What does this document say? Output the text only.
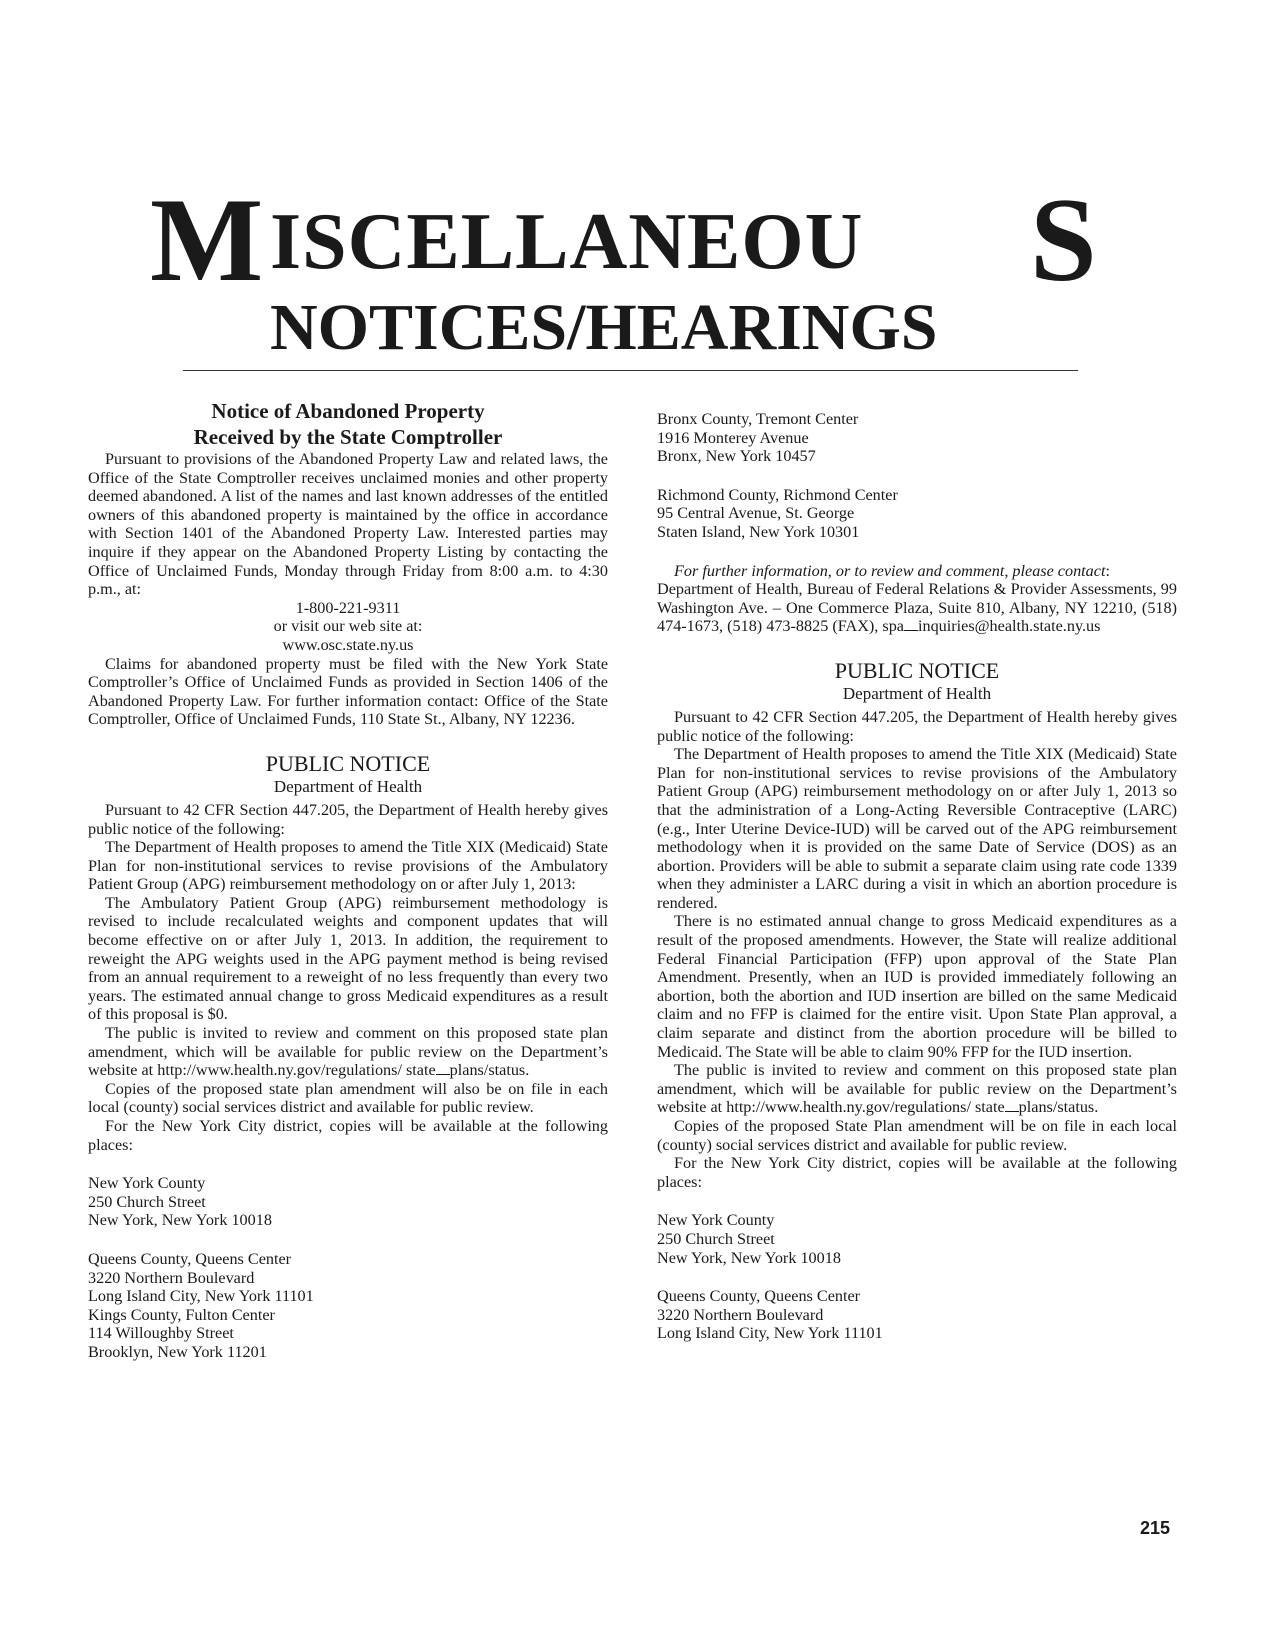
M ISCELLANEOU S
NOTICES/HEARINGS
Notice of Abandoned Property
Received by the State Comptroller

Pursuant to provisions of the Abandoned Property Law and related laws, the Office of the State Comptroller receives unclaimed monies and other property deemed abandoned. A list of the names and last known addresses of the entitled owners of this abandoned property is maintained by the office in accordance with Section 1401 of the Abandoned Property Law. Interested parties may inquire if they appear on the Abandoned Property Listing by contacting the Office of Unclaimed Funds, Monday through Friday from 8:00 a.m. to 4:30 p.m., at:

1-800-221-9311
or visit our web site at:
www.osc.state.ny.us

Claims for abandoned property must be filed with the New York State Comptroller’s Office of Unclaimed Funds as provided in Section 1406 of the Abandoned Property Law. For further information contact: Office of the State Comptroller, Office of Unclaimed Funds, 110 State St., Albany, NY 12236.

PUBLIC NOTICE
Department of Health

Pursuant to 42 CFR Section 447.205, the Department of Health hereby gives public notice of the following:

The Department of Health proposes to amend the Title XIX (Medicaid) State Plan for non-institutional services to revise provisions of the Ambulatory Patient Group (APG) reimbursement methodology on or after July 1, 2013:

The Ambulatory Patient Group (APG) reimbursement methodology is revised to include recalculated weights and component updates that will become effective on or after July 1, 2013. In addition, the requirement to reweight the APG weights used in the APG payment method is being revised from an annual requirement to a reweight of no less frequently than every two years. The estimated annual change to gross Medicaid expenditures as a result of this proposal is $0.

The public is invited to review and comment on this proposed state plan amendment, which will be available for public review on the Department’s website at http://www.health.ny.gov/regulations/ state plans/status.

Copies of the proposed state plan amendment will also be on file in each local (county) social services district and available for public review.

For the New York City district, copies will be available at the following places:

New York County
250 Church Street
New York, New York 10018
Queens County, Queens Center
3220 Northern Boulevard
Long Island City, New York 11101
Kings County, Fulton Center
114 Willoughby Street
Brooklyn, New York 11201
Bronx County, Tremont Center
1916 Monterey Avenue
Bronx, New York 10457
Richmond County, Richmond Center
95 Central Avenue, St. George
Staten Island, New York 10301

For further information, or to review and comment, please contact:
Department of Health, Bureau of Federal Relations & Provider Assessments, 99 Washington Ave. – One Commerce Plaza, Suite 810, Albany, NY 12210, (518) 474-1673, (518) 473-8825 (FAX), spa inquiries@health.state.ny.us

PUBLIC NOTICE
Department of Health

Pursuant to 42 CFR Section 447.205, the Department of Health hereby gives public notice of the following:

The Department of Health proposes to amend the Title XIX (Medicaid) State Plan for non-institutional services to revise provisions of the Ambulatory Patient Group (APG) reimbursement methodology on or after July 1, 2013 so that the administration of a Long-Acting Reversible Contraceptive (LARC) (e.g., Inter Uterine Device-IUD) will be carved out of the APG reimbursement methodology when it is provided on the same Date of Service (DOS) as an abortion. Providers will be able to submit a separate claim using rate code 1339 when they administer a LARC during a visit in which an abortion procedure is rendered.

There is no estimated annual change to gross Medicaid expenditures as a result of the proposed amendments. However, the State will realize additional Federal Financial Participation (FFP) upon approval of the State Plan Amendment. Presently, when an IUD is provided immediately following an abortion, both the abortion and IUD insertion are billed on the same Medicaid claim and no FFP is claimed for the entire visit. Upon State Plan approval, a claim separate and distinct from the abortion procedure will be billed to Medicaid. The State will be able to claim 90% FFP for the IUD insertion.

The public is invited to review and comment on this proposed state plan amendment, which will be available for public review on the Department’s website at http://www.health.ny.gov/regulations/ state plans/status.

Copies of the proposed State Plan amendment will be on file in each local (county) social services district and available for public review.

For the New York City district, copies will be available at the following places:

New York County
250 Church Street
New York, New York 10018
Queens County, Queens Center
3220 Northern Boulevard
Long Island City, New York 11101
215
